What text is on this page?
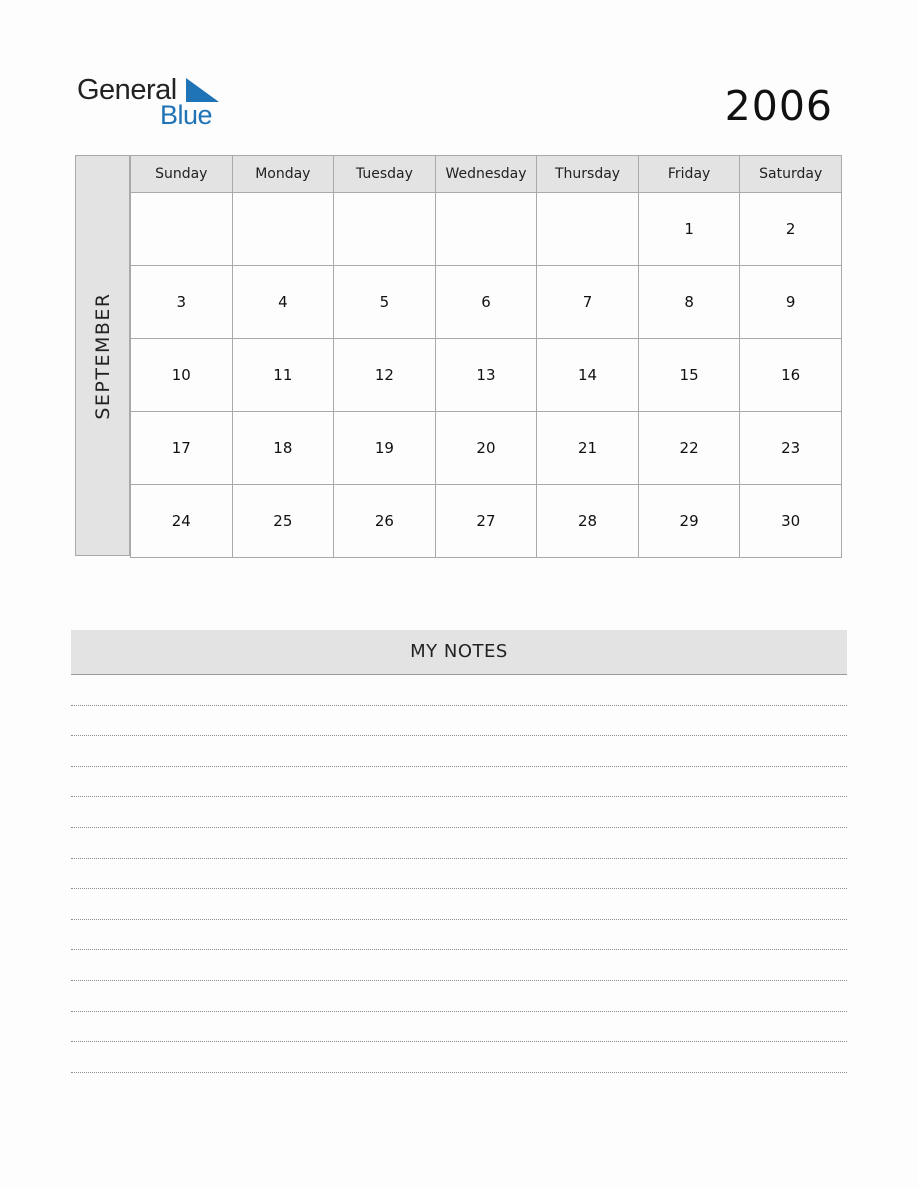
General
Blue	2006
SEPTEMBER
Sunday	Monday	Tuesday	Wednesday	Thursday	Friday	Saturday
					1	2
3	4	5	6	7	8	9
10	11	12	13	14	15	16
17	18	19	20	21	22	23
24	25	26	27	28	29	30
MY NOTES
